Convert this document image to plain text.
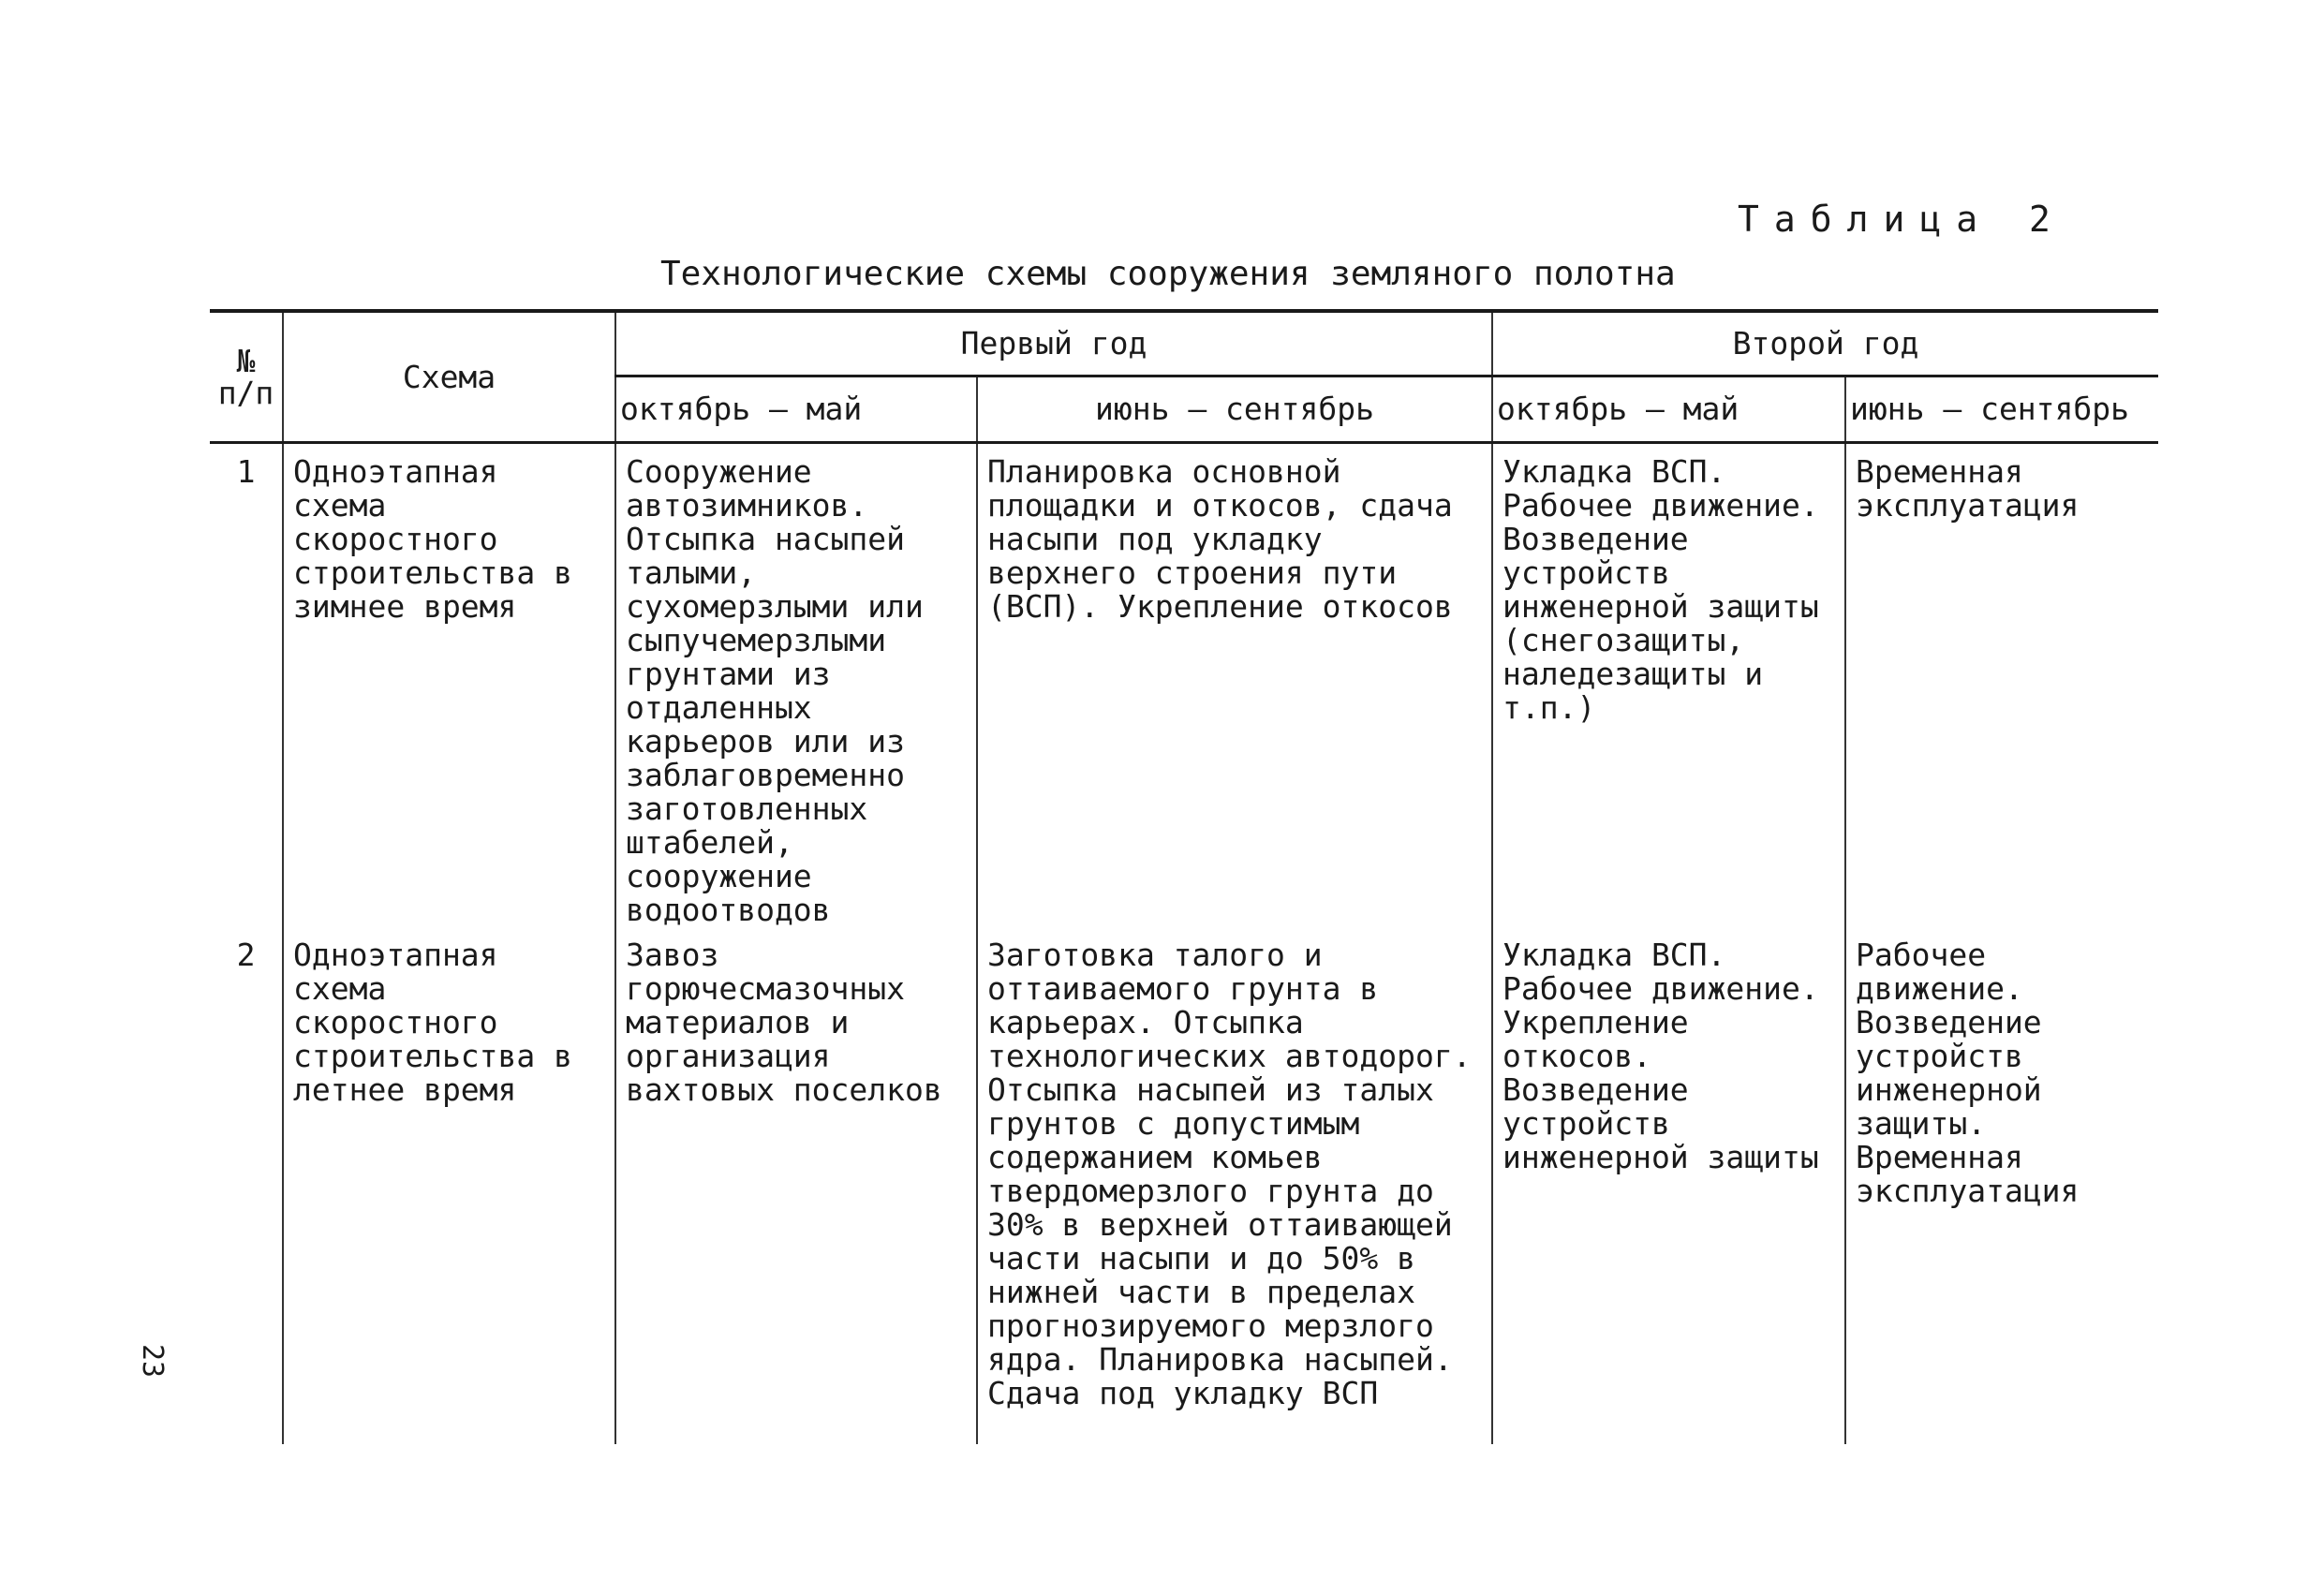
Таблица 2

Технологические схемы сооружения земляного полотна

№
п/п	Схема	Первый год		Второй год	
		октябрь – май	июнь – сентябрь	октябрь – май	июнь – сентябрь
1	Одноэтапная схема скоростного строительства в зимнее время	Сооружение автозимников. Отсыпка насыпей талыми, сухомерзлыми или сыпучемерзлыми грунтами из отдаленных карьеров или из заблаговременно заготовленных штабелей, сооружение водоотводов	Планировка основной площадки и откосов, сдача насыпи под укладку верхнего строения пути (ВСП). Укрепление откосов	Укладка ВСП. Рабочее движение. Возведение устройств инженерной защиты (снегозащиты, наледезащиты и т.п.)	Временная эксплуатация
2	Одноэтапная схема скоростного строительства в летнее время	Завоз горючесмазочных материалов и организация вахтовых поселков	Заготовка талого и оттаиваемого грунта в карьерах. Отсыпка технологических автодорог. Отсыпка насыпей из талых грунтов с допустимым содержанием комьев твердомерзлого грунта до 30% в верхней оттаивающей части насыпи и до 50% в нижней части в пределах прогнозируемого мерзлого ядра. Планировка насыпей. Сдача под укладку ВСП	Укладка ВСП. Рабочее движение. Укрепление откосов. Возведение устройств инженерной защиты	Рабочее движение. Возведение устройств инженерной защиты. Временная эксплуатация

23
